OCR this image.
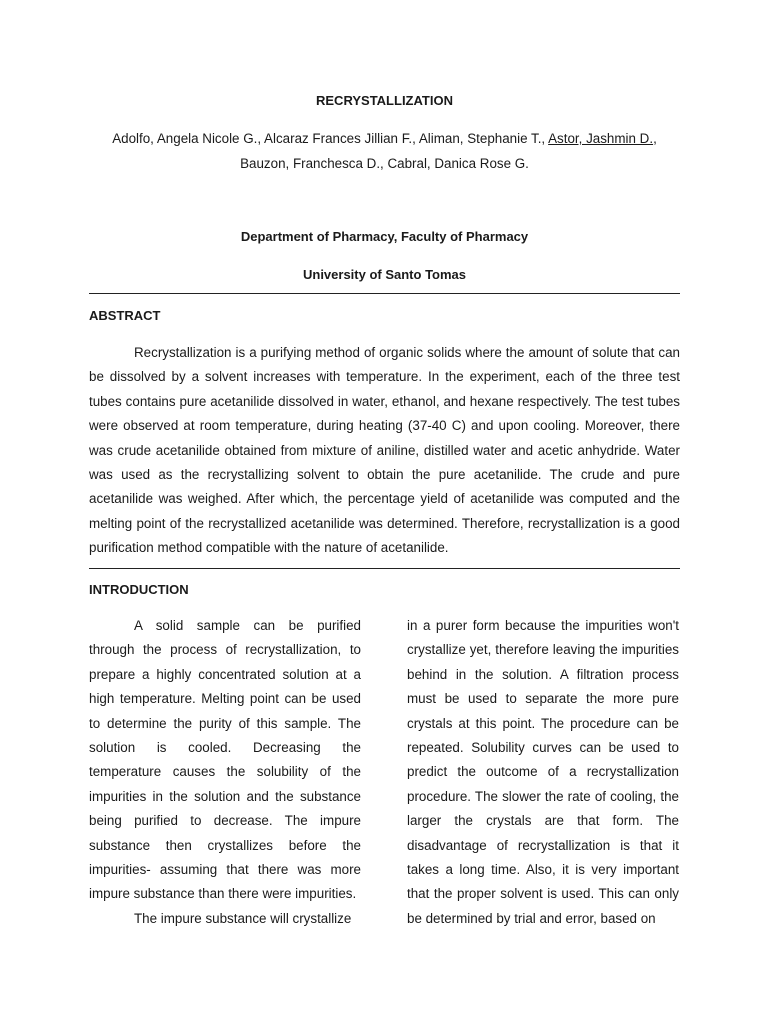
RECRYSTALLIZATION
Adolfo, Angela Nicole G., Alcaraz Frances Jillian F., Aliman, Stephanie T., Astor, Jashmin D.,
Bauzon, Franchesca D., Cabral, Danica Rose G.
Department of Pharmacy, Faculty of Pharmacy
University of Santo Tomas
ABSTRACT

Recrystallization is a purifying method of organic solids where the amount of solute that can be dissolved by a solvent increases with temperature. In the experiment, each of the three test tubes contains pure acetanilide dissolved in water, ethanol, and hexane respectively. The test tubes were observed at room temperature, during heating (37-40 C) and upon cooling. Moreover, there was crude acetanilide obtained from mixture of aniline, distilled water and acetic anhydride. Water was used as the recrystallizing solvent to obtain the pure acetanilide. The crude and pure acetanilide was weighed. After which, the percentage yield of acetanilide was computed and the melting point of the recrystallized acetanilide was determined. Therefore, recrystallization is a good purification method compatible with the nature of acetanilide.

INTRODUCTION

A solid sample can be purified through the process of recrystallization, to prepare a highly concentrated solution at a high temperature. Melting point can be used to determine the purity of this sample. The solution is cooled. Decreasing the temperature causes the solubility of the impurities in the solution and the substance being purified to decrease. The impure substance then crystallizes before the impurities- assuming that there was more impure substance than there were impurities.

The impure substance will crystallize

in a purer form because the impurities won't crystallize yet, therefore leaving the impurities behind in the solution. A filtration process must be used to separate the more pure crystals at this point. The procedure can be repeated. Solubility curves can be used to predict the outcome of a recrystallization procedure. The slower the rate of cooling, the larger the crystals are that form. The disadvantage of recrystallization is that it takes a long time. Also, it is very important that the proper solvent is used. This can only be determined by trial and error, based on
